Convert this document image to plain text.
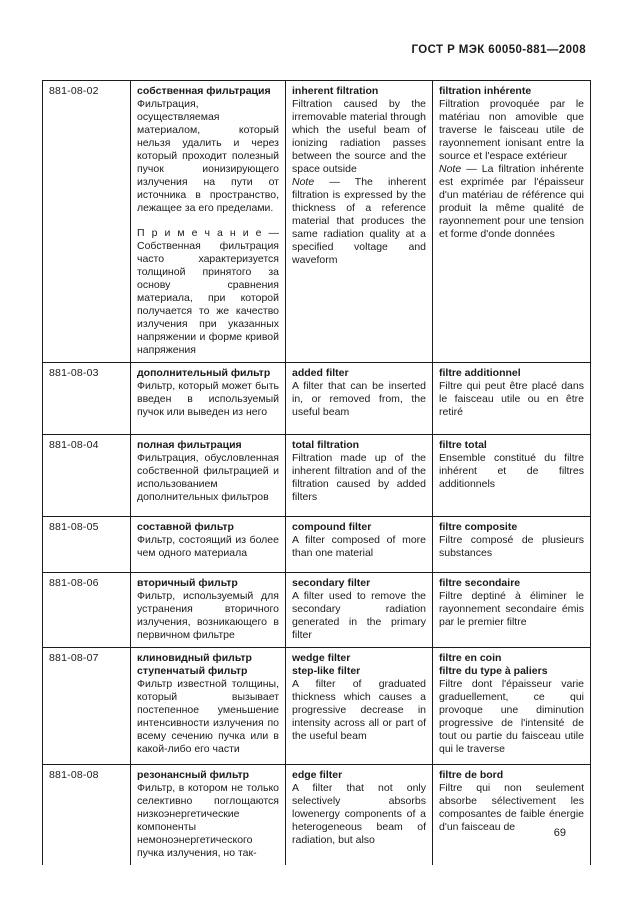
ГОСТ Р МЭК 60050-881—2008
881-08-02	собственная фильтрация
Фильтрация, осуществляемая материалом, который нельзя удалить и через который проходит полезный пучок ионизирующего излучения на пути от источника в пространство, лежащее за его пределами.
П р и м е ч а н и е — Собственная фильтрация часто характеризуется толщиной принятого за основу сравнения материала, при которой получается то же качество излучения при указанных напряжении и форме кривой напряжения

inherent filtration
Filtration caused by the irremovable material through which the useful beam of ionizing radiation passes between the source and the space outside
Note — The inherent filtration is expressed by the thickness of a reference material that produces the same radiation quality at a specified voltage and waveform

filtration inhérente
Filtration provoquée par le matériau non amovible que traverse le faisceau utile de rayonnement ionisant entre la source et l'espace extérieur
Note — La filtration inhérente est exprimée par l'épaisseur d'un matériau de référence qui produit la même qualité de rayonnement pour une tension et forme d'onde données

881-08-03	дополнительный фильтр
Фильтр, который может быть введен в используемый пучок или выведен из него

added filter
A filter that can be inserted in, or removed from, the useful beam

filtre additionnel
Filtre qui peut être placé dans le faisceau utile ou en être retiré

881-08-04	полная фильтрация
Фильтрация, обусловленная собственной фильтрацией и использованием дополнительных фильтров

total filtration
Filtration made up of the inherent filtration and of the filtration caused by added filters

filtre total
Ensemble constitué du filtre inhérent et de filtres additionnels

881-08-05	составной фильтр
Фильтр, состоящий из более чем одного материала

compound filter
A filter composed of more than one material

filtre composite
Filtre composé de plusieurs substances

881-08-06	вторичный фильтр
Фильтр, используемый для устранения вторичного излучения, возникающего в первичном фильтре

secondary filter
A filter used to remove the secondary radiation generated in the primary filter

filtre secondaire
Filtre deptiné à éliminer le rayonnement secondaire émis par le premier filtre

881-08-07	клиновидный фильтр
ступенчатый фильтр
Фильтр известной толщины, который вызывает постепенное уменьшение интенсивности излучения по всему сечению пучка или в какой-либо его части

wedge filter
step-like filter
A filter of graduated thickness which causes a progressive decrease in intensity across all or part of the useful beam

filtre en coin
filtre du type à paliers
Filtre dont l'épaisseur varie graduellement, ce qui provoque une diminution progressive de l'intensité de tout ou partie du faisceau utile qui le traverse

881-08-08	резонансный фильтр
Фильтр, в котором не только селективно поглощаются низкоэнергетические компоненты немоноэнергетического пучка излучения, но так-

edge filter
A filter that not only selectively absorbs lowenergy components of a heterogeneous beam of radiation, but also

filtre de bord
Filtre qui non seulement absorbe sélectivement les composantes de faible énergie d'un faisceau de	69
